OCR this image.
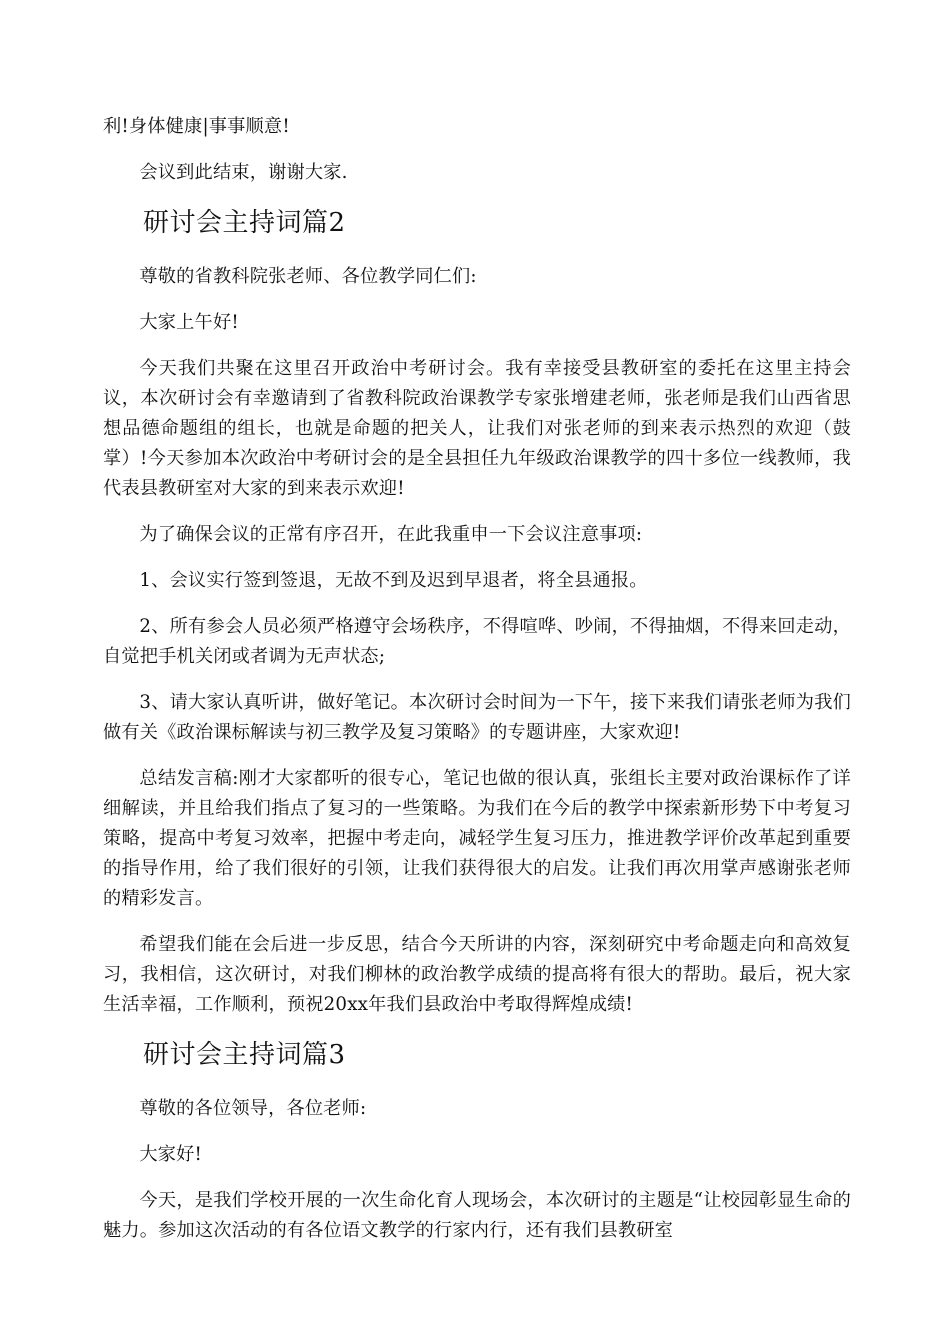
利!身体健康|事事顺意!

会议到此结束，谢谢大家.

研讨会主持词篇2

尊敬的省教科院张老师、各位教学同仁们:

大家上午好!

今天我们共聚在这里召开政治中考研讨会。我有幸接受县教研室的委托在这里主持会议，本次研讨会有幸邀请到了省教科院政治课教学专家张增建老师，张老师是我们山西省思想品德命题组的组长，也就是命题的把关人，让我们对张老师的到来表示热烈的欢迎（鼓掌）!今天参加本次政治中考研讨会的是全县担任九年级政治课教学的四十多位一线教师，我代表县教研室对大家的到来表示欢迎!

为了确保会议的正常有序召开，在此我重申一下会议注意事项:

1、会议实行签到签退，无故不到及迟到早退者，将全县通报。

2、所有参会人员必须严格遵守会场秩序，不得喧哗、吵闹，不得抽烟，不得来回走动，自觉把手机关闭或者调为无声状态;

3、请大家认真听讲，做好笔记。本次研讨会时间为一下午，接下来我们请张老师为我们做有关《政治课标解读与初三教学及复习策略》的专题讲座，大家欢迎!

总结发言稿:刚才大家都听的很专心，笔记也做的很认真，张组长主要对政治课标作了详细解读，并且给我们指点了复习的一些策略。为我们在今后的教学中探索新形势下中考复习策略，提高中考复习效率，把握中考走向，减轻学生复习压力，推进教学评价改革起到重要的指导作用，给了我们很好的引领，让我们获得很大的启发。让我们再次用掌声感谢张老师的精彩发言。

希望我们能在会后进一步反思，结合今天所讲的内容，深刻研究中考命题走向和高效复习，我相信，这次研讨，对我们柳林的政治教学成绩的提高将有很大的帮助。最后，祝大家生活幸福，工作顺利，预祝20xx年我们县政治中考取得辉煌成绩!

研讨会主持词篇3

尊敬的各位领导，各位老师:

大家好!

今天，是我们学校开展的一次生命化育人现场会，本次研讨的主题是“让校园彰显生命的魅力。参加这次活动的有各位语文教学的行家内行，还有我们县教研室
